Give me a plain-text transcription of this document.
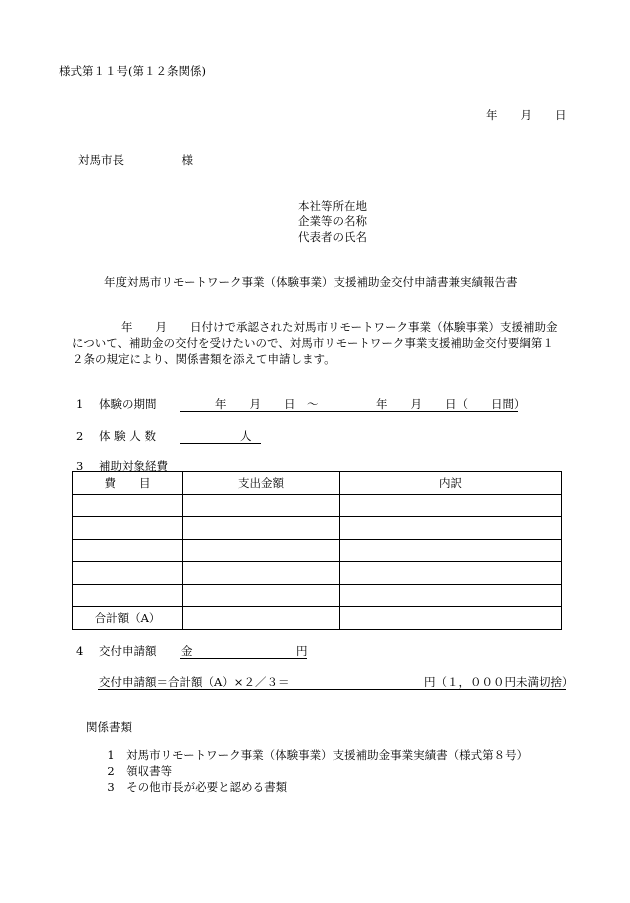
様式第１１号(第１２条関係)
年　　月　　日
対馬市長　　　　　様
本社等所在地
企業等の名称
代表者の氏名
年度対馬市リモートワーク事業（体験事業）支援補助金交付申請書兼実績報告書
年　　月　　日付けで承認された対馬市リモートワーク事業（体験事業）支援補助金
について、補助金の交付を受けたいので、対馬市リモートワーク事業支援補助金交付要綱第１
２条の規定により、関係書類を添えて申請します。
1 体験の期間	年　　月　　日　～　　　　　年　　月　　日（　　日間）
2 体 験 人 数	人
3 補助対象経費
費　　目	支出金額	内訳

合計額（A）		
4 交付申請額 金	円
交付申請額＝合計額（A）×２／３＝	円（１，０００円未満切捨）
関係書類

1　 対馬市リモートワーク事業（体験事業）支援補助金事業実績書（様式第８号）

2　 領収書等

3　 その他市長が必要と認める書類
